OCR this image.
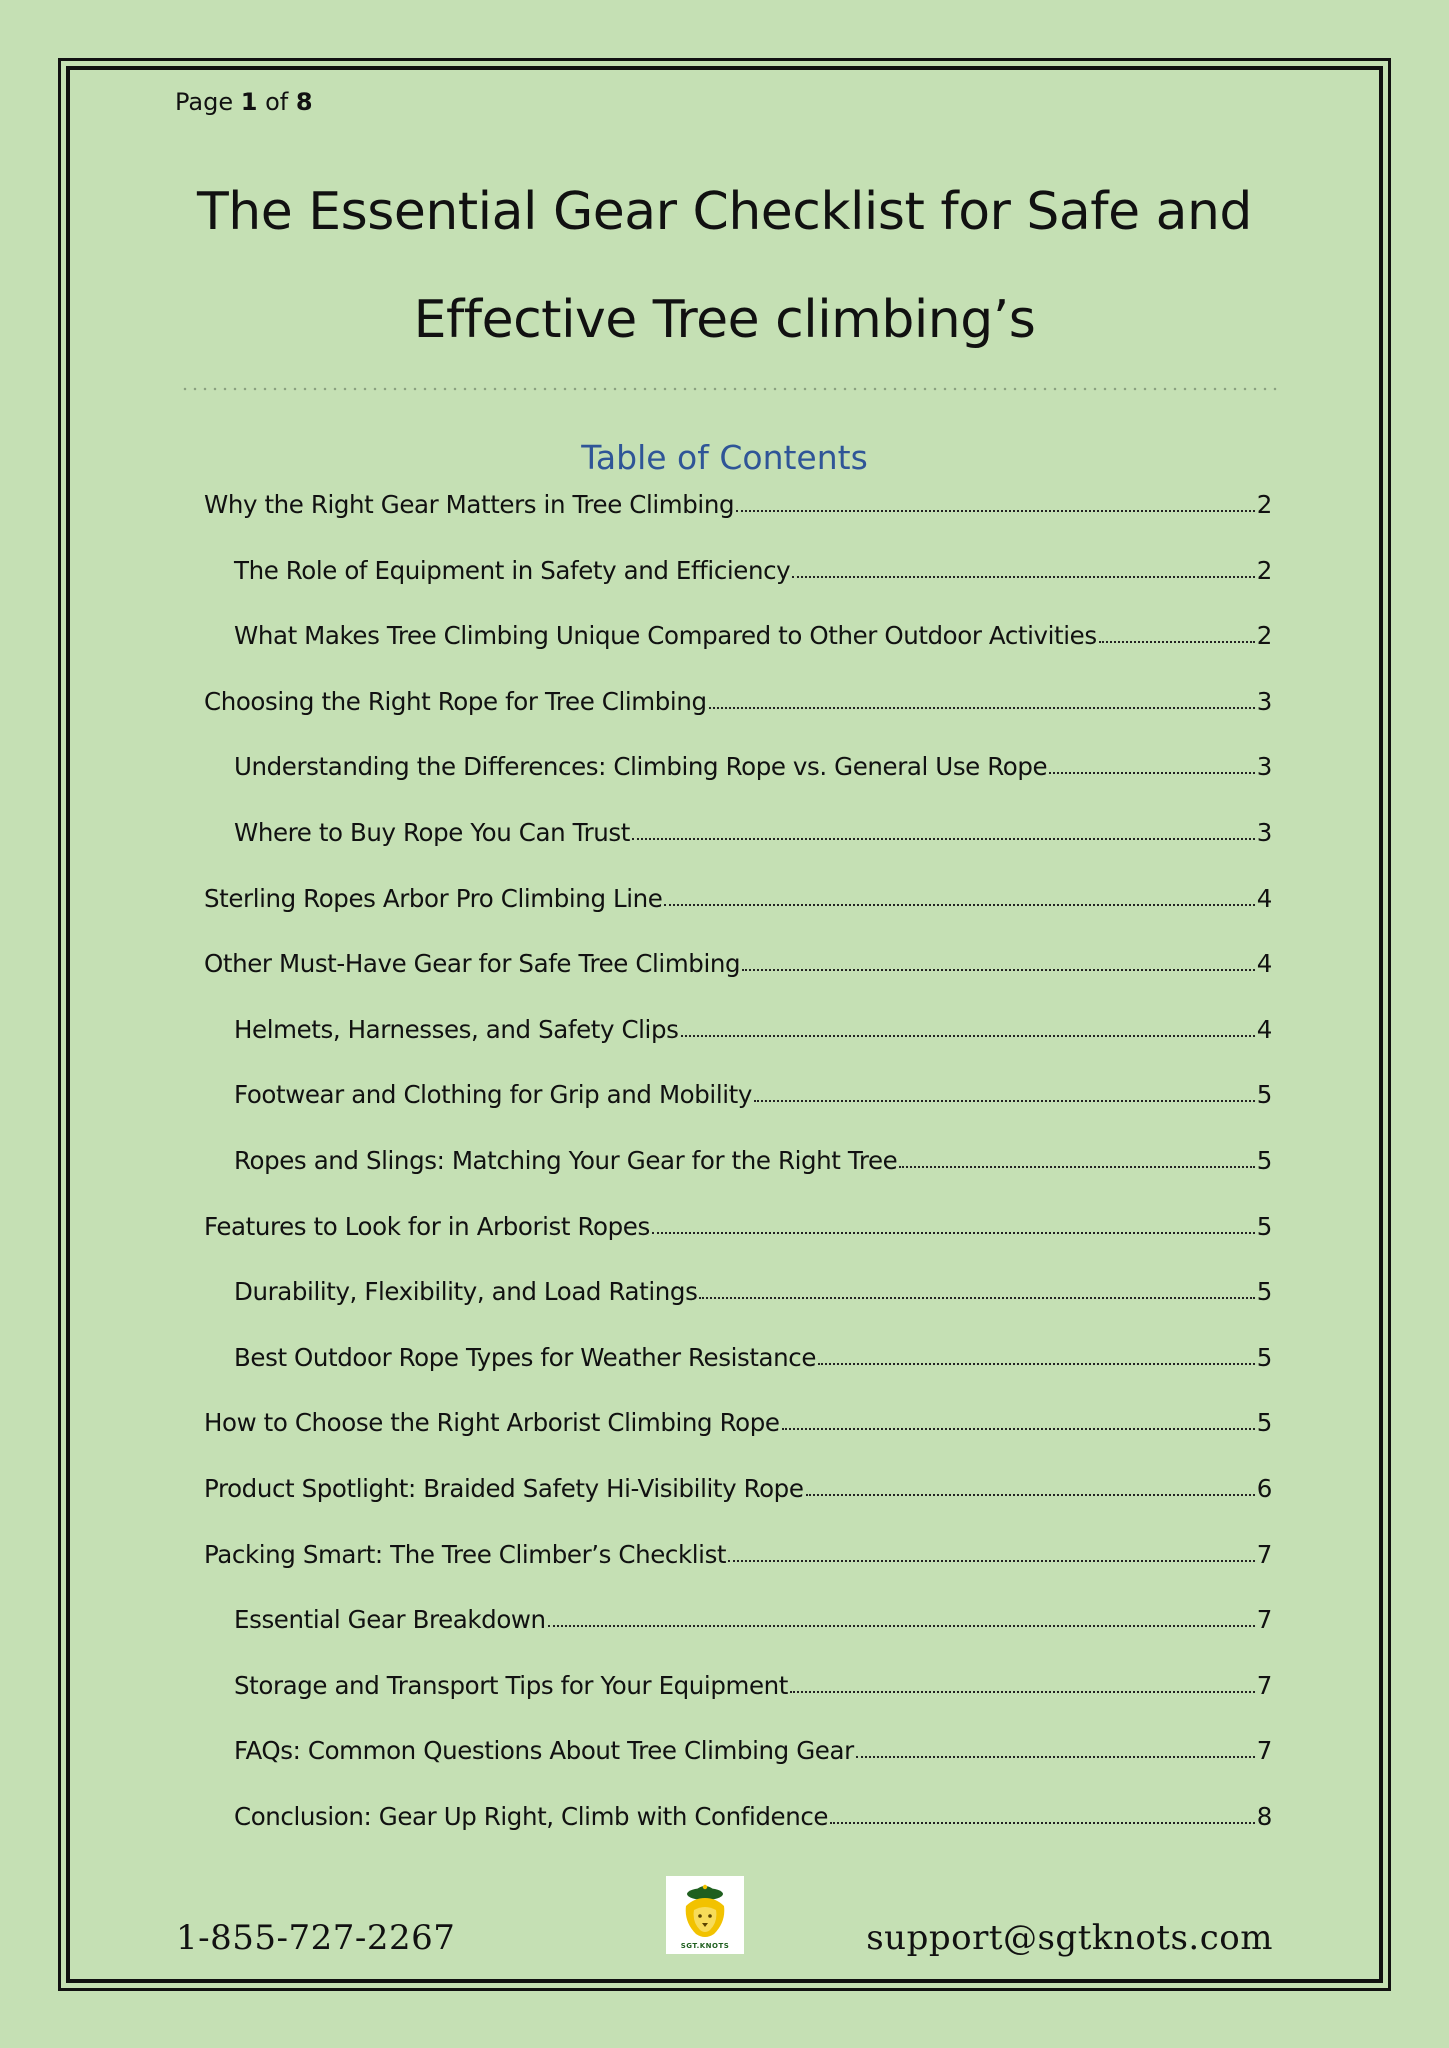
Page 1 of 8
The Essential Gear Checklist for Safe and
Effective Tree climbing’s
Table of Contents
Why the Right Gear Matters in Tree Climbing	2
The Role of Equipment in Safety and Efficiency	2
What Makes Tree Climbing Unique Compared to Other Outdoor Activities	2
Choosing the Right Rope for Tree Climbing	3
Understanding the Differences: Climbing Rope vs. General Use Rope	3
Where to Buy Rope You Can Trust	3
Sterling Ropes Arbor Pro Climbing Line	4
Other Must-Have Gear for Safe Tree Climbing	4
Helmets, Harnesses, and Safety Clips	4
Footwear and Clothing for Grip and Mobility	5
Ropes and Slings: Matching Your Gear for the Right Tree	5
Features to Look for in Arborist Ropes	5
Durability, Flexibility, and Load Ratings	5
Best Outdoor Rope Types for Weather Resistance	5
How to Choose the Right Arborist Climbing Rope	5
Product Spotlight: Braided Safety Hi-Visibility Rope	6
Packing Smart: The Tree Climber’s Checklist	7
Essential Gear Breakdown	7
Storage and Transport Tips for Your Equipment	7
FAQs: Common Questions About Tree Climbing Gear	7
Conclusion: Gear Up Right, Climb with Confidence	8
1-855-727-2267	SGT.KNOTS	support@sgtknots.com
